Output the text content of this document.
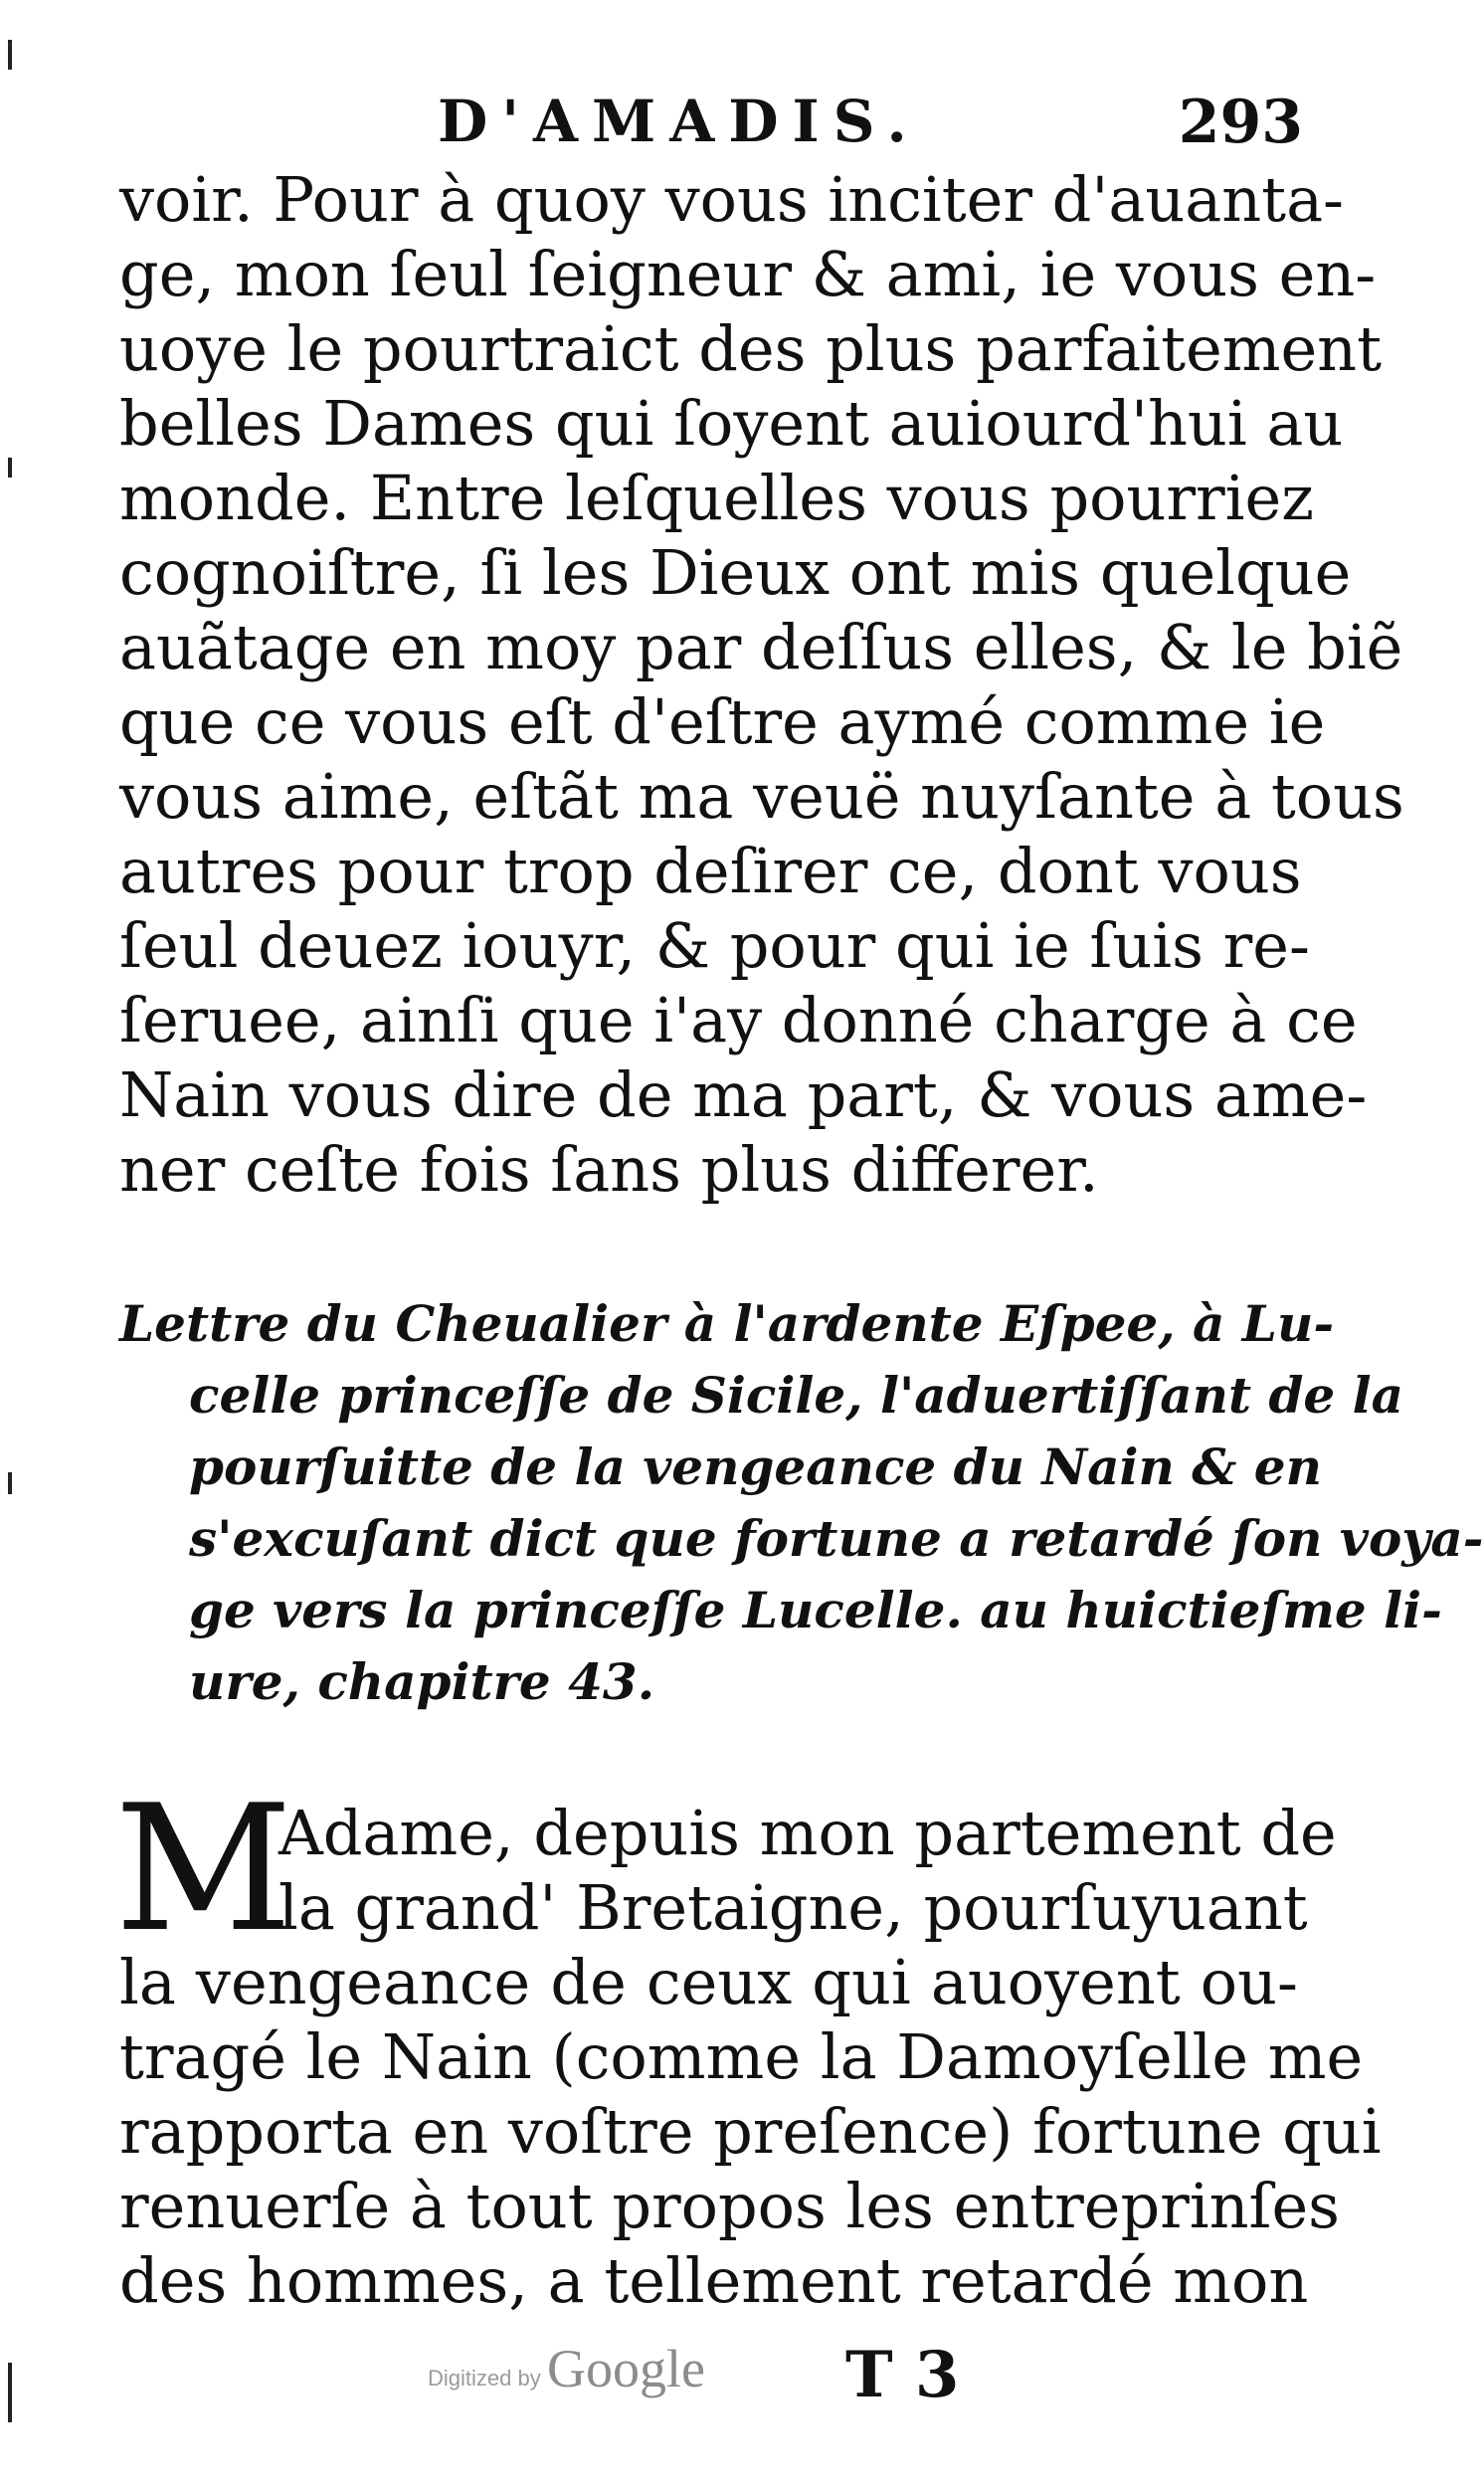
D'AMADIS.	293
voir. Pour à quoy vous inciter d'auanta-
ge, mon ſeul ſeigneur & ami, ie vous en-
uoye le pourtraict des plus parfaitement
belles Dames qui ſoyent auiourd'hui au
monde. Entre leſquelles vous pourriez
cognoiſtre, ſi les Dieux ont mis quelque
auãtage en moy par deſſus elles, & le biẽ
que ce vous eſt d'eſtre aymé comme ie
vous aime, eſtãt ma veuë nuyſante à tous
autres pour trop deſirer ce, dont vous
ſeul deuez iouyr, & pour qui ie ſuis re-
ſeruee, ainſi que i'ay donné charge à ce
Nain vous dire de ma part, & vous ame-
ner ceſte fois ſans plus differer.
Lettre du Cheualier à l'ardente Eſpee, à Lu-
celle princeſſe de Sicile, l'aduertiſſant de la
pourſuitte de la vengeance du Nain & en
s'excuſant dict que fortune a retardé ſon voya-
ge vers la princeſſe Lucelle. au huictieſme li-
ure, chapitre 43.
M
Adame, depuis mon partement de
la grand' Bretaigne, pourſuyuant
la vengeance de ceux qui auoyent ou-
tragé le Nain (comme la Damoyſelle me
rapporta en voſtre preſence) fortune qui
renuerſe à tout propos les entreprinſes
des hommes, a tellement retardé mon
Digitized by Google T 3
